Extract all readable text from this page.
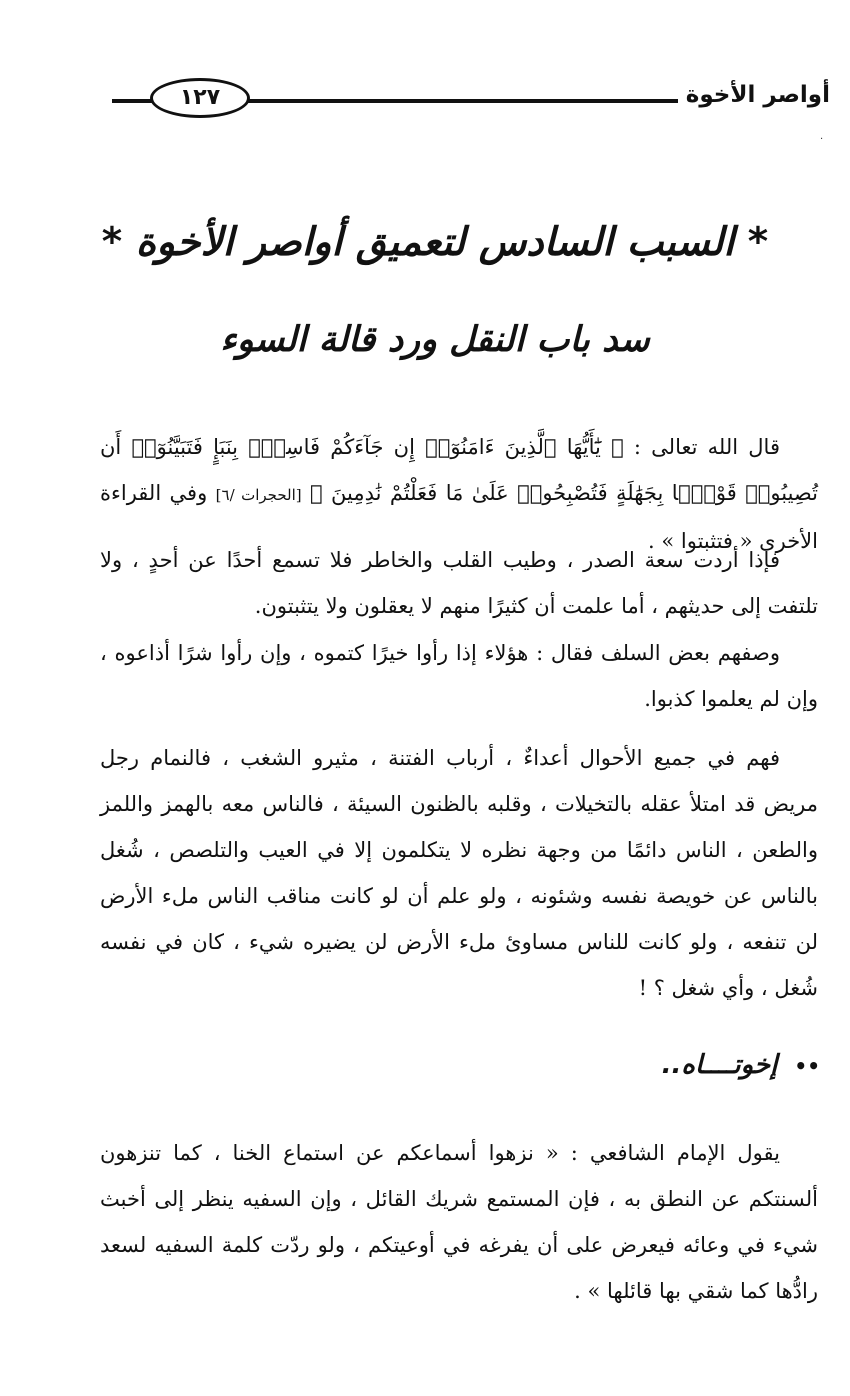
١٢٧	أواصر الأخوة
·
* السبب السادس لتعميق أواصر الأخوة *
سد باب النقل ورد قالة السوء

قال الله تعالى : ﴿ يَٰٓأَيُّهَا ٱلَّذِينَ ءَامَنُوٓا۟ إِن جَآءَكُمْ فَاسِقٌۢ بِنَبَإٍ فَتَبَيَّنُوٓا۟ أَن تُصِيبُوا۟ قَوْمًۢا بِجَهَٰلَةٍ فَتُصْبِحُوا۟ عَلَىٰ مَا فَعَلْتُمْ نَٰدِمِينَ ﴾ [الحجرات /٦] وفي القراءة الأخرى « فتثبتوا » .

فإذا أردت سعة الصدر ، وطيب القلب والخاطر فلا تسمع أحدًا عن أحدٍ ، ولا تلتفت إلى حديثهم ، أما علمت أن كثيرًا منهم لا يعقلون ولا يتثبتون.

وصفهم بعض السلف فقال : هؤلاء إذا رأوا خيرًا كتموه ، وإن رأوا شرًا أذاعوه ، وإن لم يعلموا كذبوا.

فهم في جميع الأحوال أعداءٌ ، أرباب الفتنة ، مثيرو الشغب ، فالنمام رجل مريض قد امتلأ عقله بالتخيلات ، وقلبه بالظنون السيئة ، فالناس معه بالهمز واللمز والطعن ، الناس دائمًا من وجهة نظره لا يتكلمون إلا في العيب والتلصص ، شُغل بالناس عن خويصة نفسه وشئونه ، ولو علم أن لو كانت مناقب الناس ملء الأرض لن تنفعه ، ولو كانت للناس مساوئ ملء الأرض لن يضيره شيء ، كان في نفسه شُغل ، وأي شغل ؟ !

•• إخوتــــاه..

يقول الإمام الشافعي : « نزهوا أسماعكم عن استماع الخنا ، كما تنزهون ألسنتكم عن النطق به ، فإن المستمع شريك القائل ، وإن السفيه ينظر إلى أخبث شيء في وعائه فيعرض على أن يفرغه في أوعيتكم ، ولو ردّت كلمة السفيه لسعد رادُّها كما شقي بها قائلها » .
